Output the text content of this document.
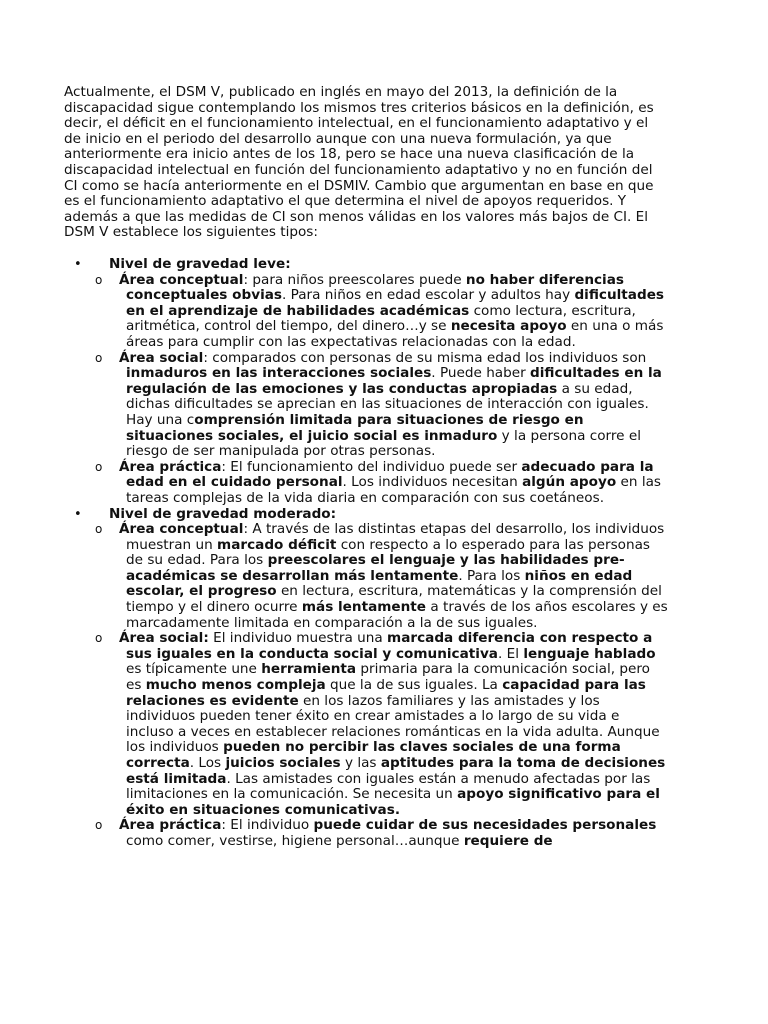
Actualmente, el DSM V, publicado en inglés en mayo del 2013, la definición de la discapacidad sigue contemplando los mismos tres criterios básicos en la definición, es decir, el déficit en el funcionamiento intelectual, en el funcionamiento adaptativo y el de inicio en el periodo del desarrollo aunque con una nueva formulación, ya que anteriormente era inicio antes de los 18, pero se hace una nueva clasificación de la discapacidad intelectual en función del funcionamiento adaptativo y no en función del CI como se hacía anteriormente en el DSMIV. Cambio que argumentan en base en que es el funcionamiento adaptativo el que determina el nivel de apoyos requeridos. Y además a que las medidas de CI son menos válidas en los valores más bajos de CI. El DSM V establece los siguientes tipos:

• Nivel de gravedad leve:
o Área conceptual: para niños preescolares puede no haber diferencias conceptuales obvias. Para niños en edad escolar y adultos hay dificultades en el aprendizaje de habilidades académicas como lectura, escritura, aritmética, control del tiempo, del dinero…y se necesita apoyo en una o más áreas para cumplir con las expectativas relacionadas con la edad.
o Área social: comparados con personas de su misma edad los individuos son inmaduros en las interacciones sociales. Puede haber dificultades en la regulación de las emociones y las conductas apropiadas a su edad, dichas dificultades se aprecian en las situaciones de interacción con iguales. Hay una comprensión limitada para situaciones de riesgo en situaciones sociales, el juicio social es inmaduro y la persona corre el riesgo de ser manipulada por otras personas.
o Área práctica: El funcionamiento del individuo puede ser adecuado para la edad en el cuidado personal. Los individuos necesitan algún apoyo en las tareas complejas de la vida diaria en comparación con sus coetáneos.
• Nivel de gravedad moderado:
o Área conceptual: A través de las distintas etapas del desarrollo, los individuos muestran un marcado déficit con respecto a lo esperado para las personas de su edad. Para los preescolares el lenguaje y las habilidades pre-académicas se desarrollan más lentamente. Para los niños en edad escolar, el progreso en lectura, escritura, matemáticas y la comprensión del tiempo y el dinero ocurre más lentamente a través de los años escolares y es marcadamente limitada en comparación a la de sus iguales.
o Área social: El individuo muestra una marcada diferencia con respecto a sus iguales en la conducta social y comunicativa. El lenguaje hablado es típicamente une herramienta primaria para la comunicación social, pero es mucho menos compleja que la de sus iguales. La capacidad para las relaciones es evidente en los lazos familiares y las amistades y los individuos pueden tener éxito en crear amistades a lo largo de su vida e incluso a veces en establecer relaciones románticas en la vida adulta. Aunque los individuos pueden no percibir las claves sociales de una forma correcta. Los juicios sociales y las aptitudes para la toma de decisiones está limitada. Las amistades con iguales están a menudo afectadas por las limitaciones en la comunicación. Se necesita un apoyo significativo para el éxito en situaciones comunicativas.
o Área práctica: El individuo puede cuidar de sus necesidades personales como comer, vestirse, higiene personal…aunque requiere de
